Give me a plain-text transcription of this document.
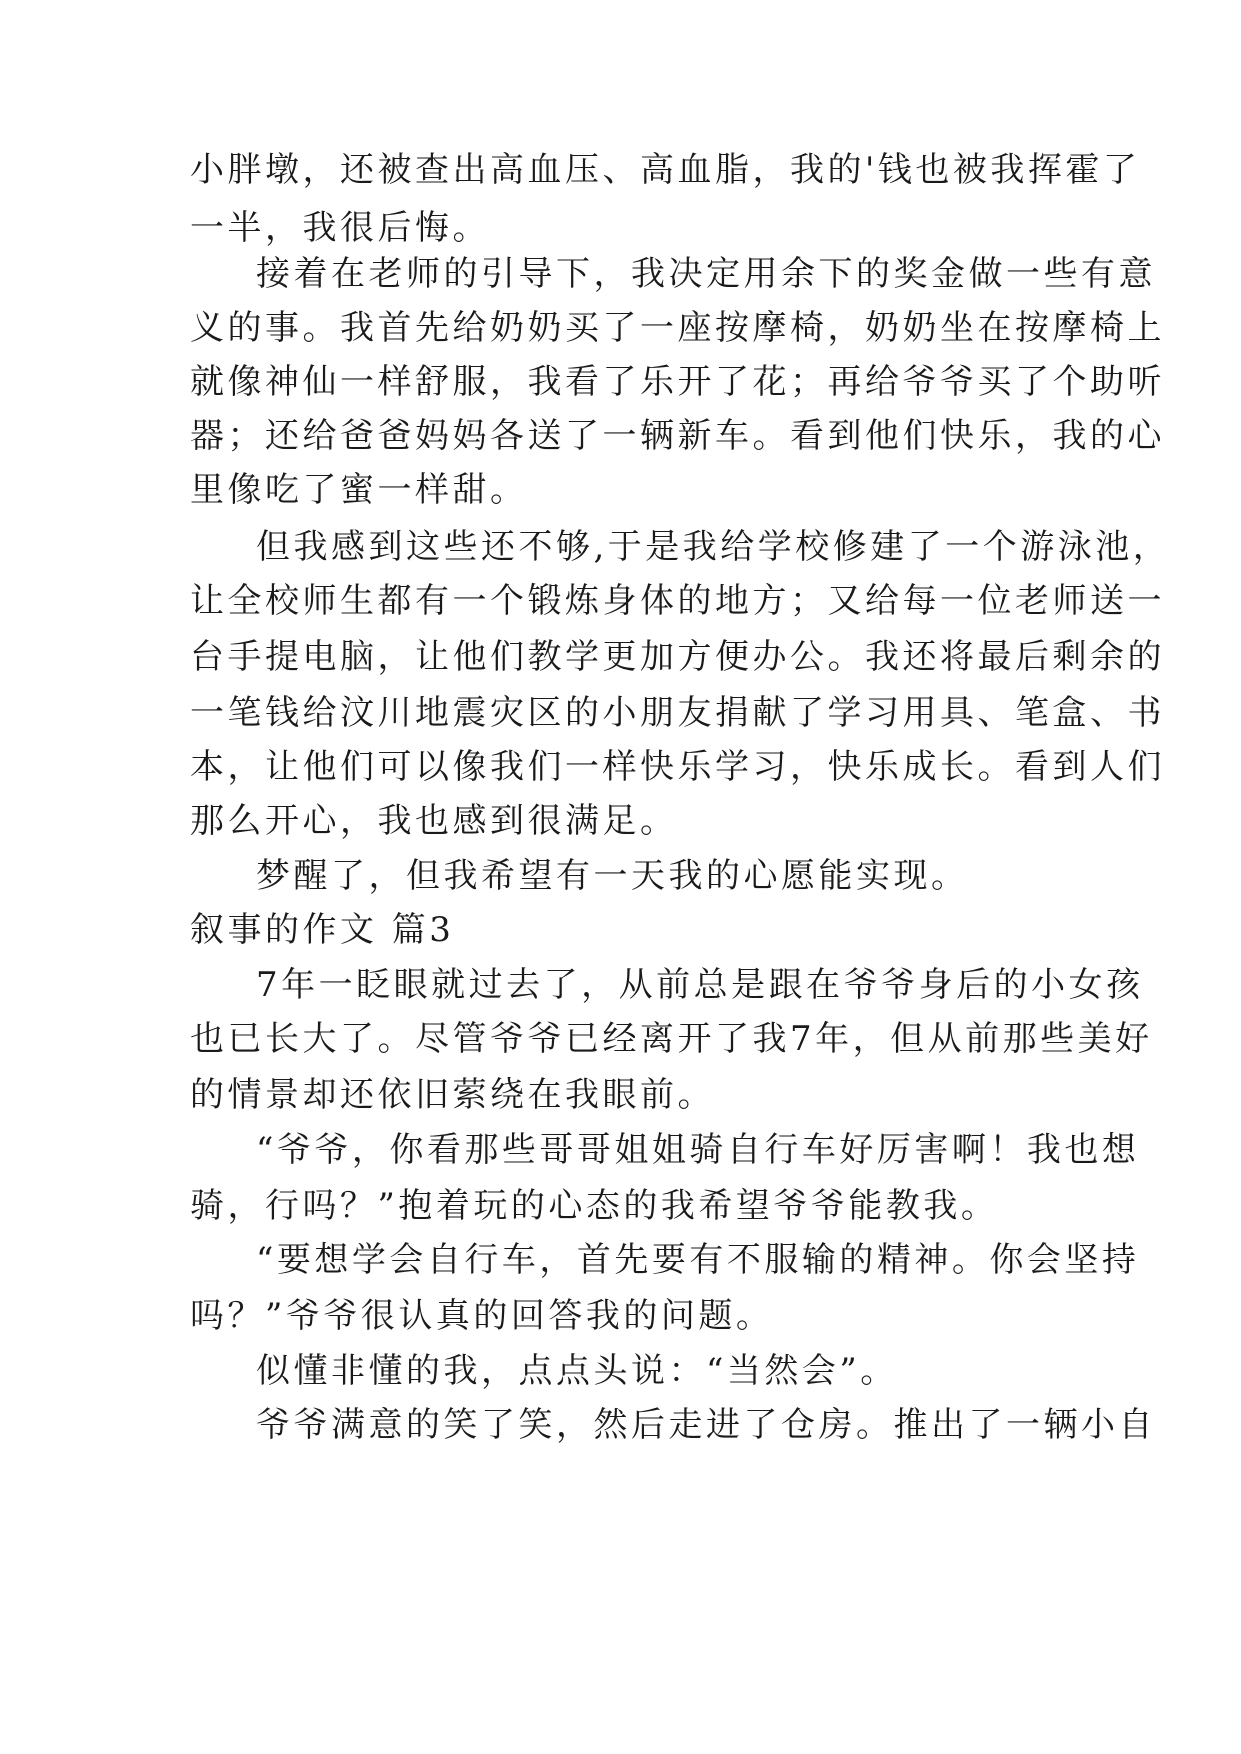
小胖墩，还被查出高血压、高血脂，我的'钱也被我挥霍了
一半，我很后悔。
接着在老师的引导下，我决定用余下的奖金做一些有意
义的事。我首先给奶奶买了一座按摩椅，奶奶坐在按摩椅上
就像神仙一样舒服，我看了乐开了花；再给爷爷买了个助听
器；还给爸爸妈妈各送了一辆新车。看到他们快乐，我的心
里像吃了蜜一样甜。
但我感到这些还不够,于是我给学校修建了一个游泳池，
让全校师生都有一个锻炼身体的地方；又给每一位老师送一
台手提电脑，让他们教学更加方便办公。我还将最后剩余的
一笔钱给汶川地震灾区的小朋友捐献了学习用具、笔盒、书
本，让他们可以像我们一样快乐学习，快乐成长。看到人们
那么开心，我也感到很满足。
梦醒了，但我希望有一天我的心愿能实现。
叙事的作文 篇3
7年一眨眼就过去了，从前总是跟在爷爷身后的小女孩
也已长大了。尽管爷爷已经离开了我7年，但从前那些美好
的情景却还依旧萦绕在我眼前。
“爷爷，你看那些哥哥姐姐骑自行车好厉害啊！我也想
骑，行吗？”抱着玩的心态的我希望爷爷能教我。
“要想学会自行车，首先要有不服输的精神。你会坚持
吗？”爷爷很认真的回答我的问题。
似懂非懂的我，点点头说：“当然会”。
爷爷满意的笑了笑，然后走进了仓房。推出了一辆小自
